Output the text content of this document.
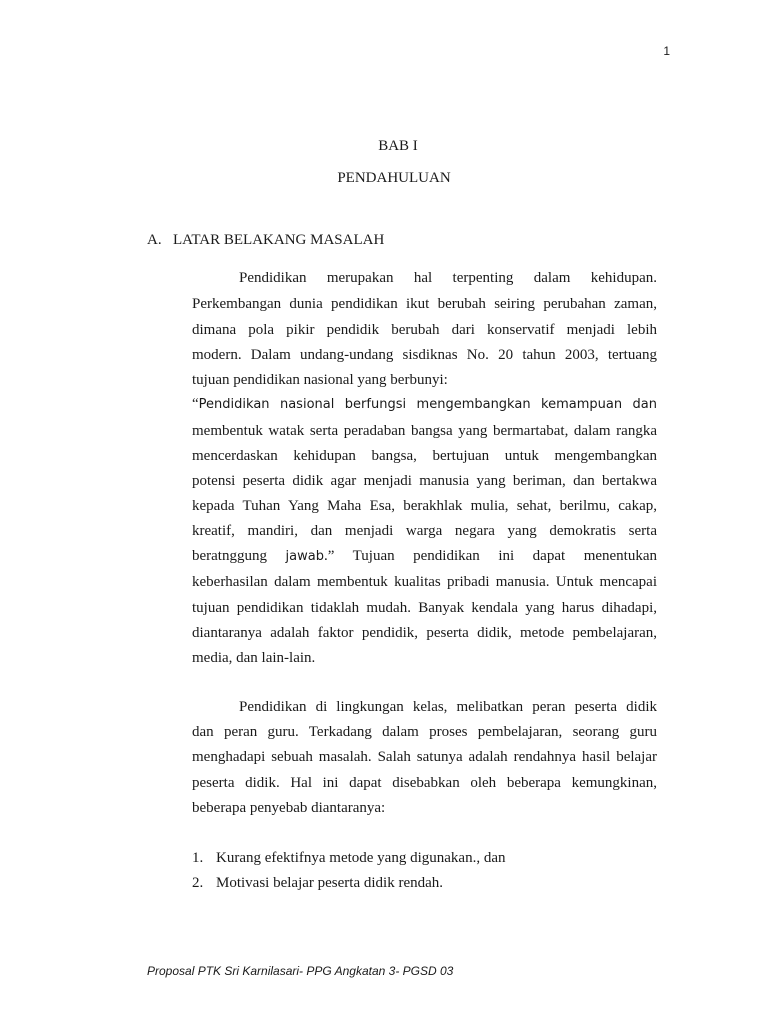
1
BAB I
PENDAHULUAN
A. LATAR BELAKANG MASALAH
Pendidikan merupakan hal terpenting dalam kehidupan.
Perkembangan dunia pendidikan ikut berubah seiring perubahan zaman,
dimana pola pikir pendidik berubah dari konservatif menjadi lebih
modern. Dalam undang-undang sisdiknas No. 20 tahun 2003, tertuang
tujuan pendidikan nasional yang berbunyi:
“Pendidikan nasional berfungsi mengembangkan kemampuan dan
membentuk watak serta peradaban bangsa yang bermartabat, dalam rangka
mencerdaskan kehidupan bangsa, bertujuan untuk mengembangkan
potensi peserta didik agar menjadi manusia yang beriman, dan bertakwa
kepada Tuhan Yang Maha Esa, berakhlak mulia, sehat, berilmu, cakap,
kreatif, mandiri, dan menjadi warga negara yang demokratis serta
beratnggung jawab.” Tujuan pendidikan ini dapat menentukan
keberhasilan dalam membentuk kualitas pribadi manusia. Untuk mencapai
tujuan pendidikan tidaklah mudah. Banyak kendala yang harus dihadapi,
diantaranya adalah faktor pendidik, peserta didik, metode pembelajaran,
media, dan lain-lain.
Pendidikan di lingkungan kelas, melibatkan peran peserta didik
dan peran guru. Terkadang dalam proses pembelajaran, seorang guru
menghadapi sebuah masalah. Salah satunya adalah rendahnya hasil belajar
peserta didik. Hal ini dapat disebabkan oleh beberapa kemungkinan,
beberapa penyebab diantaranya:
1. Kurang efektifnya metode yang digunakan., dan
2. Motivasi belajar peserta didik rendah.
Proposal PTK Sri Karnilasari- PPG Angkatan 3- PGSD 03
